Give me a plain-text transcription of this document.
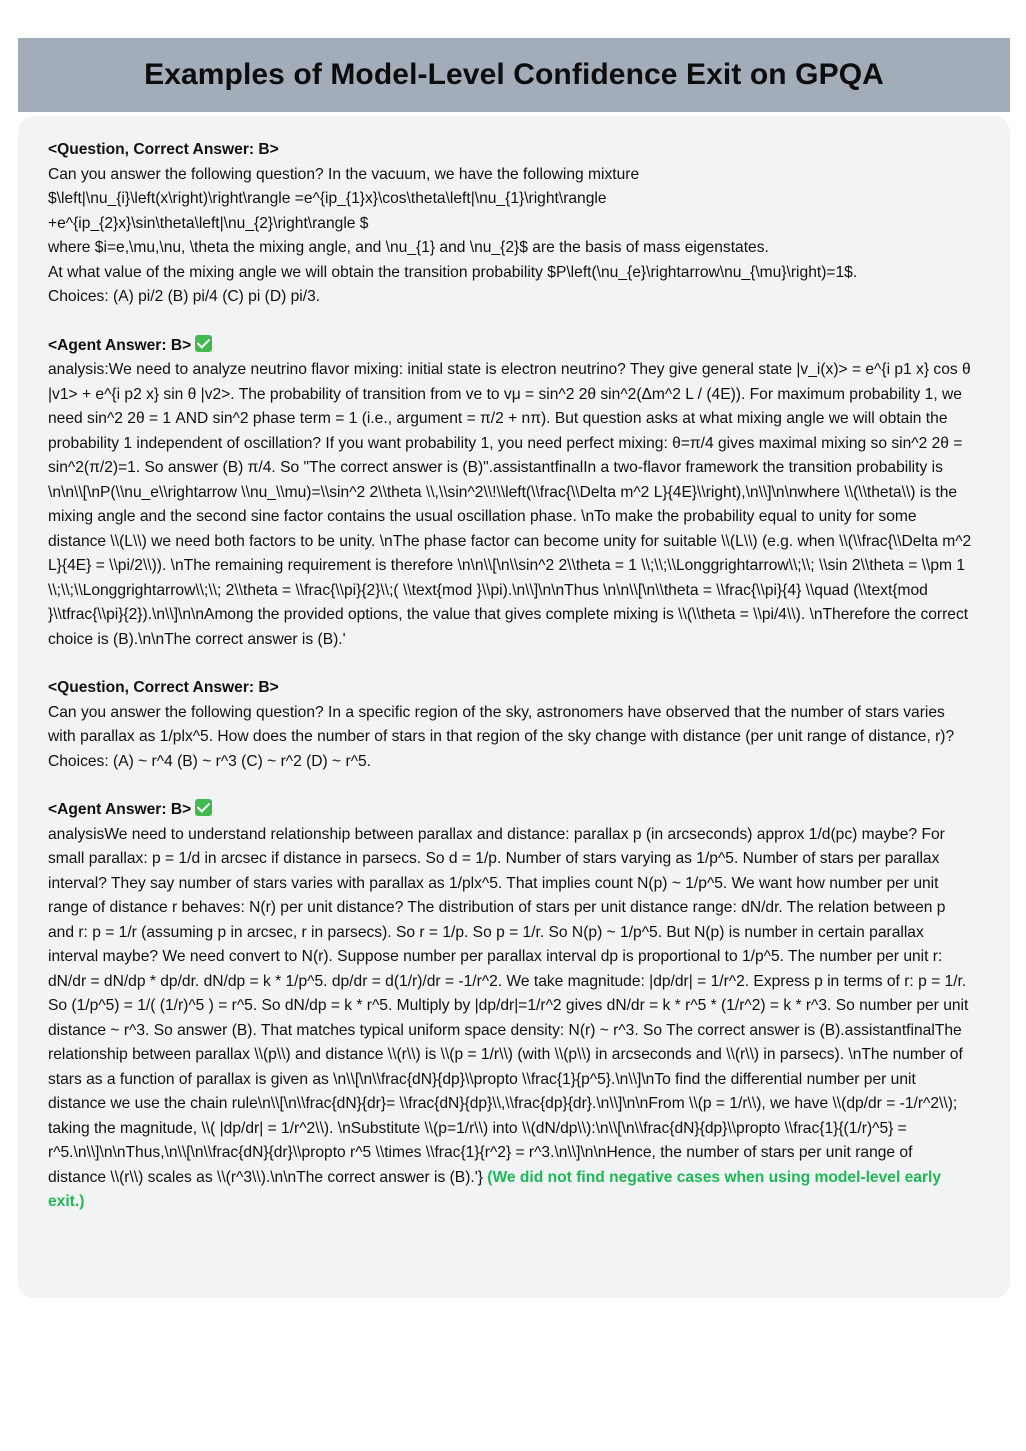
Examples of Model-Level Confidence Exit on GPQA
<Question, Correct Answer: B>
Can you answer the following question? In the vacuum, we have the following mixture
$\left|\nu_{i}\left(x\right)\right\rangle =e^{ip_{1}x}\cos\theta\left|\nu_{1}\right\rangle
+e^{ip_{2}x}\sin\theta\left|\nu_{2}\right\rangle $
where $i=e,\mu,\nu, \theta the mixing angle, and \nu_{1} and \nu_{2}$ are the basis of mass eigenstates.
At what value of the mixing angle we will obtain the transition probability $P\left(\nu_{e}\rightarrow\nu_{\mu}\right)=1$.
Choices: (A) pi/2 (B) pi/4 (C) pi (D) pi/3.
<Agent Answer: B>
analysis:We need to analyze neutrino flavor mixing: initial state is electron neutrino? They give general state |v_i(x)> = e^{i p1 x} cos θ |v1> + e^{i p2 x} sin θ |v2>. The probability of transition from ve to vμ = sin^2 2θ sin^2(Δm^2 L / (4E)). For maximum probability 1, we need sin^2 2θ = 1 AND sin^2 phase term = 1 (i.e., argument = π/2 + nπ). But question asks at what mixing angle we will obtain the probability 1 independent of oscillation? If you want probability 1, you need perfect mixing: θ=π/4 gives maximal mixing so sin^2 2θ = sin^2(π/2)=1. So answer (B) π/4. So "The correct answer is (B)".assistantfinalIn a two-flavor framework the transition probability is \n\n\\[\nP(\\nu_e\\rightarrow \\nu_\\mu)=\\sin^2 2\\theta \\,\\sin^2\\!\\left(\\frac{\\Delta m^2 L}{4E}\\right),\n\\]\n\nwhere \\(\\theta\\) is the mixing angle and the second sine factor contains the usual oscillation phase. \nTo make the probability equal to unity for some distance \\(L\\) we need both factors to be unity. \nThe phase factor can become unity for suitable \\(L\\) (e.g. when \\(\\frac{\\Delta m^2 L}{4E} = \\pi/2\\)). \nThe remaining requirement is therefore \n\n\\[\n\\sin^2 2\\theta = 1 \\;\\;\\Longgrightarrow\\;\\; \\sin 2\\theta = \\pm 1 \\;\\;\\Longgrightarrow\\;\\; 2\\theta = \\frac{\\pi}{2}\\;( \\text{mod }\\pi).\n\\]\n\nThus \n\n\\[\n\\theta = \\frac{\\pi}{4} \\quad (\\text{mod }\\tfrac{\\pi}{2}).\n\\]\n\nAmong the provided options, the value that gives complete mixing is \\(\\theta = \\pi/4\\). \nTherefore the correct choice is (B).\n\nThe correct answer is (B).'
<Question, Correct Answer: B>
Can you answer the following question? In a specific region of the sky, astronomers have observed that the number of stars varies with parallax as 1/plx^5. How does the number of stars in that region of the sky change with distance (per unit range of distance, r)? Choices: (A) ~ r^4 (B) ~ r^3 (C) ~ r^2 (D) ~ r^5.
<Agent Answer: B>
analysisWe need to understand relationship between parallax and distance: parallax p (in arcseconds) approx 1/d(pc) maybe? For small parallax: p = 1/d in arcsec if distance in parsecs. So d = 1/p. Number of stars varying as 1/p^5. Number of stars per parallax interval? They say number of stars varies with parallax as 1/plx^5. That implies count N(p) ~ 1/p^5. We want how number per unit range of distance r behaves: N(r) per unit distance? The distribution of stars per unit distance range: dN/dr. The relation between p and r: p = 1/r (assuming p in arcsec, r in parsecs). So r = 1/p. So p = 1/r. So N(p) ~ 1/p^5. But N(p) is number in certain parallax interval maybe? We need convert to N(r). Suppose number per parallax interval dp is proportional to 1/p^5. The number per unit r: dN/dr = dN/dp * dp/dr. dN/dp = k * 1/p^5. dp/dr = d(1/r)/dr = -1/r^2. We take magnitude: |dp/dr| = 1/r^2. Express p in terms of r: p = 1/r. So (1/p^5) = 1/( (1/r)^5 ) = r^5. So dN/dp = k * r^5. Multiply by |dp/dr|=1/r^2 gives dN/dr = k * r^5 * (1/r^2) = k * r^3. So number per unit distance ~ r^3. So answer (B). That matches typical uniform space density: N(r) ~ r^3. So The correct answer is (B).assistantfinalThe relationship between parallax \\(p\\) and distance \\(r\\) is \\(p = 1/r\\) (with \\(p\\) in arcseconds and \\(r\\) in parsecs). \nThe number of stars as a function of parallax is given as \n\\[\n\\frac{dN}{dp}\\propto \\frac{1}{p^5}.\n\\]\nTo find the differential number per unit distance we use the chain rule\n\\[\n\\frac{dN}{dr}= \\frac{dN}{dp}\\,\\frac{dp}{dr}.\n\\]\n\nFrom \\(p = 1/r\\), we have \\(dp/dr = -1/r^2\\); taking the magnitude, \\( |dp/dr| = 1/r^2\\). \nSubstitute \\(p=1/r\\) into \\(dN/dp\\):\n\\[\n\\frac{dN}{dp}\\propto \\frac{1}{(1/r)^5} = r^5.\n\\]\n\nThus,\n\\[\n\\frac{dN}{dr}\\propto r^5 \\times \\frac{1}{r^2} = r^3.\n\\]\n\nHence, the number of stars per unit range of distance \\(r\\) scales as \\(r^3\\).\n\nThe correct answer is (B).'} (We did not find negative cases when using model-level early exit.)
